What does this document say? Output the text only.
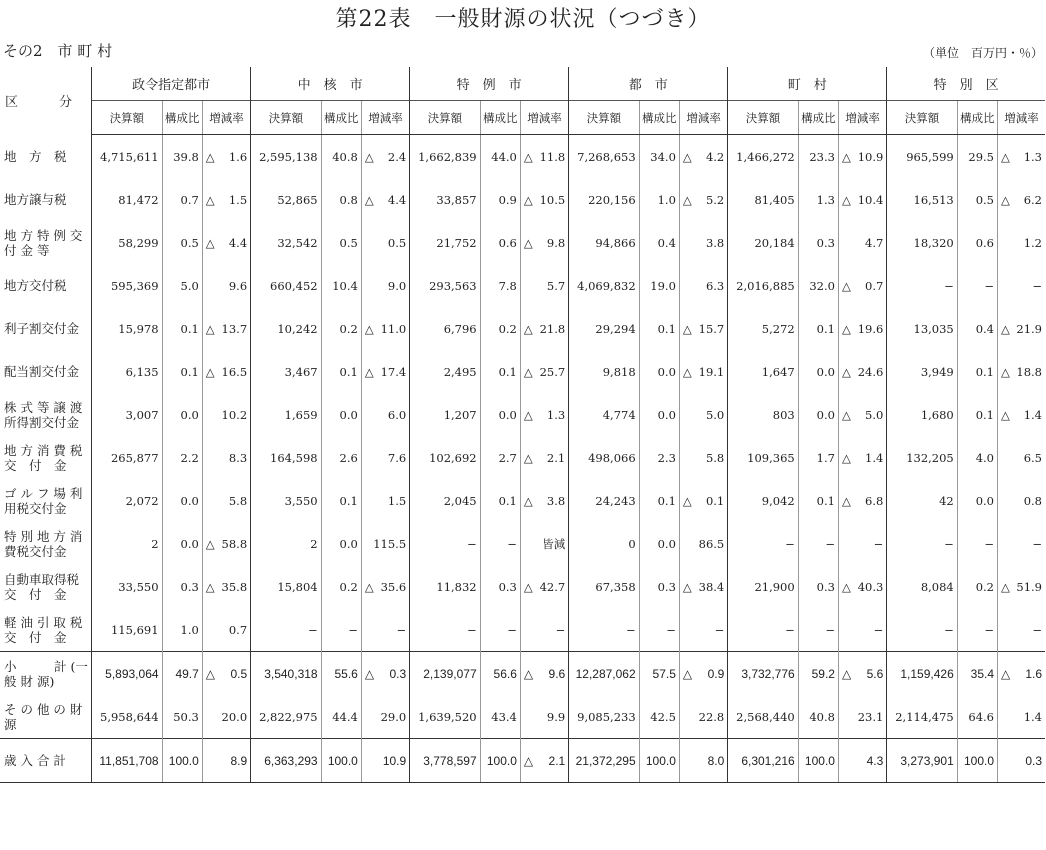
第22表　一般財源の状況（つづき）
その2　市 町 村	（単位　百万円・％）
区　分	政令指定都市			中　核　市			特　例　市			都　市			町　村			特　別　区		
	決算額	構成比	増減率	決算額	構成比	増減率	決算額	構成比	増減率	決算額	構成比	増減率	決算額	構成比	増減率	決算額	構成比	増減率
地　方　税	4,715,611	39.8	△ 1.6	2,595,138	40.8	△ 2.4	1,662,839	44.0	△ 11.8	7,268,653	34.0	△ 4.2	1,466,272	23.3	△ 10.9	965,599	29.5	△ 1.3
地方譲与税	81,472	0.7	△ 1.5	52,865	0.8	△ 4.4	33,857	0.9	△ 10.5	220,156	1.0	△ 5.2	81,405	1.3	△ 10.4	16,513	0.5	△ 6.2
地 方 特 例 交 付 金 等	58,299	0.5	△ 4.4	32,542	0.5	0.5	21,752	0.6	△ 9.8	94,866	0.4	3.8	20,184	0.3	4.7	18,320	0.6	1.2
地方交付税	595,369	5.0	9.6	660,452	10.4	9.0	293,563	7.8	5.7	4,069,832	19.0	6.3	2,016,885	32.0	△ 0.7	−	−	−
利子割交付金	15,978	0.1	△ 13.7	10,242	0.2	△ 11.0	6,796	0.2	△ 21.8	29,294	0.1	△ 15.7	5,272	0.1	△ 19.6	13,035	0.4	△ 21.9
配当割交付金	6,135	0.1	△ 16.5	3,467	0.1	△ 17.4	2,495	0.1	△ 25.7	9,818	0.0	△ 19.1	1,647	0.0	△ 24.6	3,949	0.1	△ 18.8
株 式 等 譲 渡 所得割交付金	3,007	0.0	10.2	1,659	0.0	6.0	1,207	0.0	△ 1.3	4,774	0.0	5.0	803	0.0	△ 5.0	1,680	0.1	△ 1.4
地 方 消 費 税 交　付　金	265,877	2.2	8.3	164,598	2.6	7.6	102,692	2.7	△ 2.1	498,066	2.3	5.8	109,365	1.7	△ 1.4	132,205	4.0	6.5
ゴ ル フ 場 利用税交付金	2,072	0.0	5.8	3,550	0.1	1.5	2,045	0.1	△ 3.8	24,243	0.1	△ 0.1	9,042	0.1	△ 6.8	42	0.0	0.8
特 別 地 方 消費税交付金	2	0.0	△ 58.8	2	0.0	115.5	−	−	皆減	0	0.0	86.5	−	−	−	−	−	−
自動車取得税 交　付　金	33,550	0.3	△ 35.8	15,804	0.2	△ 35.6	11,832	0.3	△ 42.7	67,358	0.3	△ 38.4	21,900	0.3	△ 40.3	8,084	0.2	△ 51.9
軽 油 引 取 税 交　付　金	115,691	1.0	0.7	−	−	−	−	−	−	−	−	−	−	−	−	−	−	−
小　　　計 (一 般 財 源)	5,893,064	49.7	△ 0.5	3,540,318	55.6	△ 0.3	2,139,077	56.6	△ 9.6	12,287,062	57.5	△ 0.9	3,732,776	59.2	△ 5.6	1,159,426	35.4	△ 1.6
そ の 他 の 財　　　源	5,958,644	50.3	20.0	2,822,975	44.4	29.0	1,639,520	43.4	9.9	9,085,233	42.5	22.8	2,568,440	40.8	23.1	2,114,475	64.6	1.4
歳 入 合 計	11,851,708	100.0	8.9	6,363,293	100.0	10.9	3,778,597	100.0	△ 2.1	21,372,295	100.0	8.0	6,301,216	100.0	4.3	3,273,901	100.0	0.3
